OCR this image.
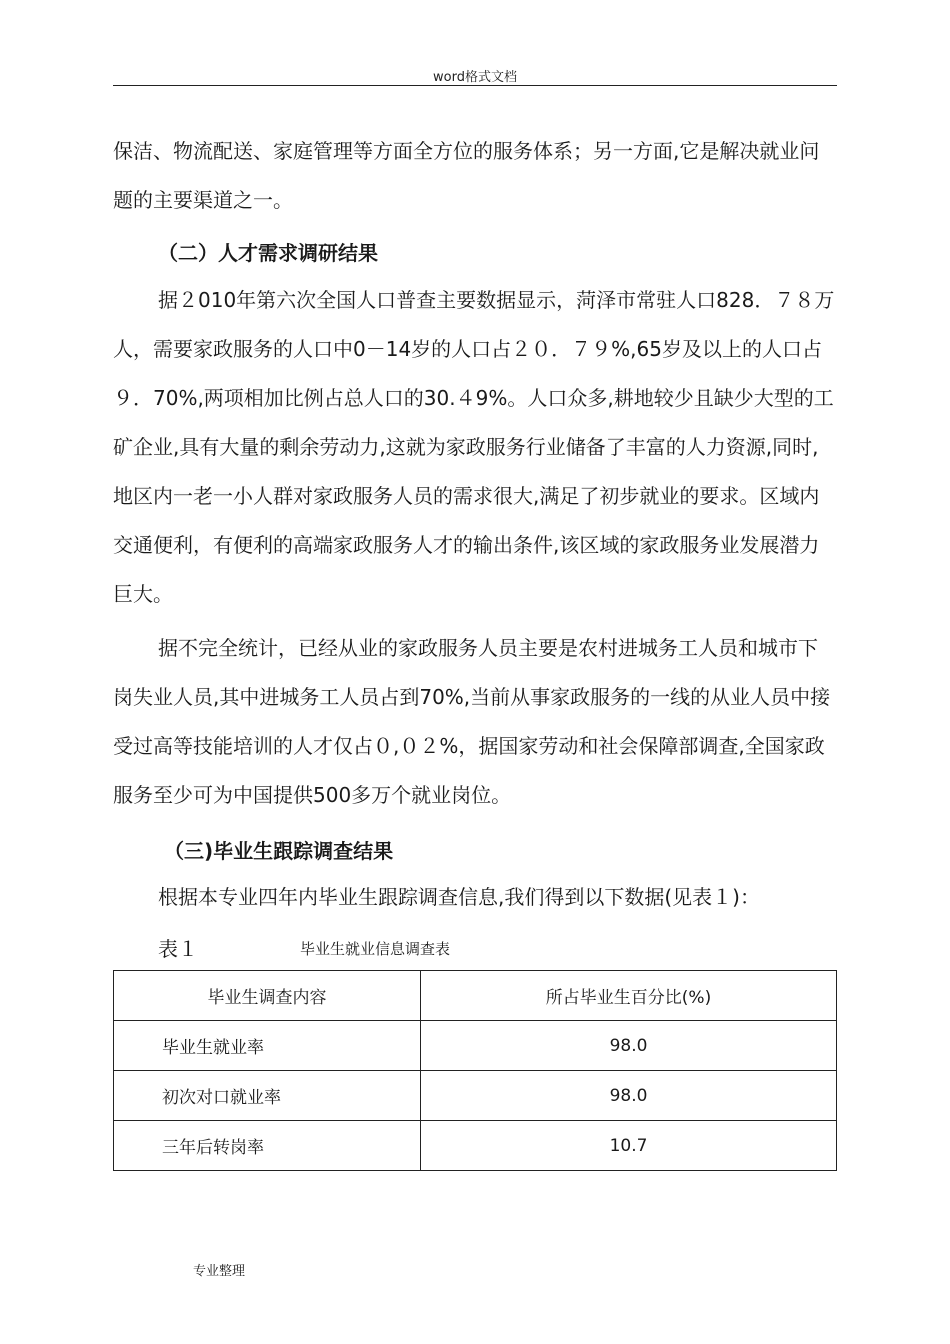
word格式文档

保洁、物流配送、家庭管理等方面全方位的服务体系；另一方面,它是解决就业问题的主要渠道之一。

（二）人才需求调研结果

据２010年第六次全国人口普查主要数据显示，菏泽市常驻人口828．７８万人，需要家政服务的人口中0－14岁的人口占２０．７９%,65岁及以上的人口占９．70%,两项相加比例占总人口的30.４9%。人口众多,耕地较少且缺少大型的工矿企业,具有大量的剩余劳动力,这就为家政服务行业储备了丰富的人力资源,同时,地区内一老一小人群对家政服务人员的需求很大,满足了初步就业的要求。区域内交通便利，有便利的高端家政服务人才的输出条件,该区域的家政服务业发展潜力巨大。

据不完全统计，已经从业的家政服务人员主要是农村进城务工人员和城市下岗失业人员,其中进城务工人员占到70%,当前从事家政服务的一线的从业人员中接受过高等技能培训的人才仅占０,０２%，据国家劳动和社会保障部调查,全国家政服务至少可为中国提供500多万个就业岗位。

（三)毕业生跟踪调查结果

根据本专业四年内毕业生跟踪调查信息,我们得到以下数据(见表１)：

表１	毕业生就业信息调查表
毕业生调查内容	所占毕业生百分比(%)
毕业生就业率	98.0
初次对口就业率	98.0
三年后转岗率	10.7
专业整理
